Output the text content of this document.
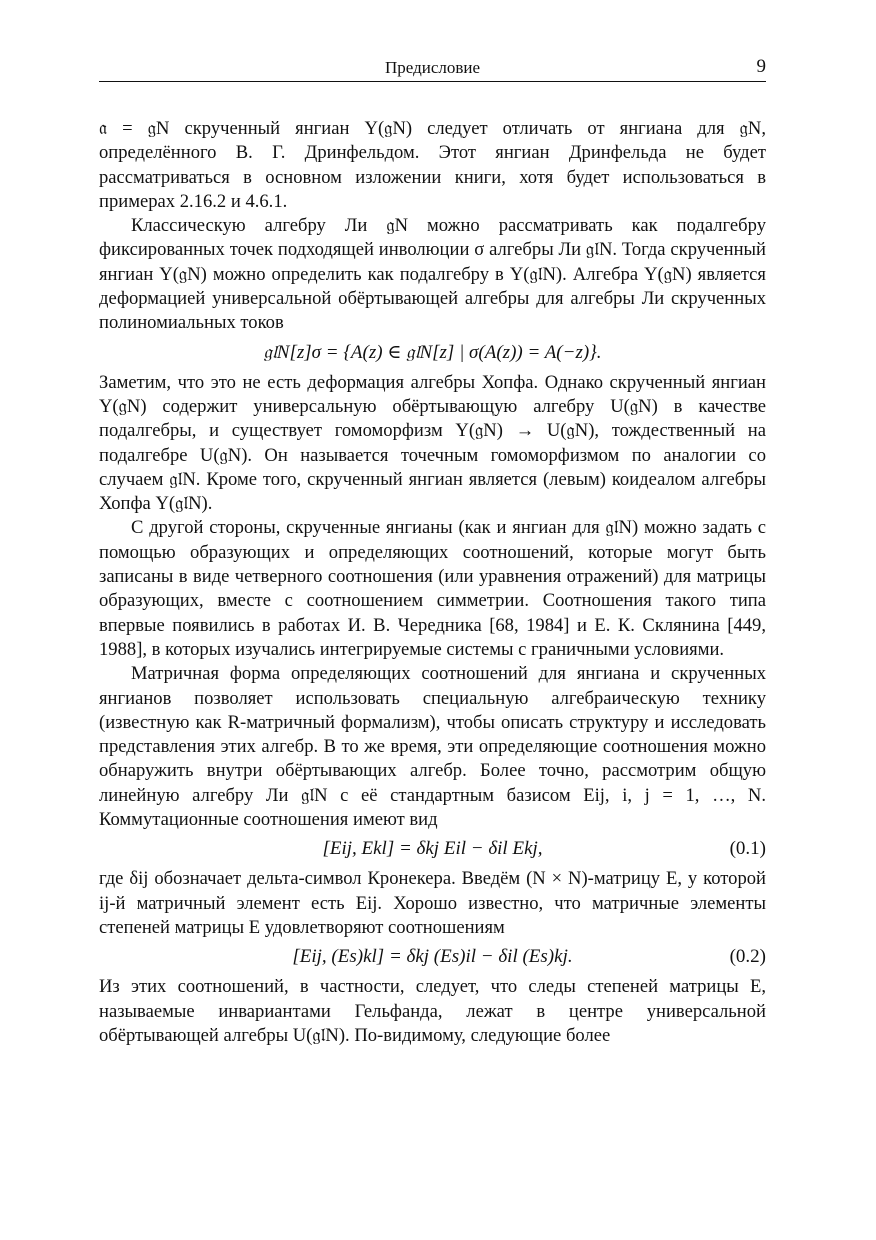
Предисловие	9

𝔞 = 𝔤N скрученный янгиан Y(𝔤N) следует отличать от янгиана для 𝔤N, определённого В. Г. Дринфельдом. Этот янгиан Дринфельда не будет рассматриваться в основном изложении книги, хотя будет использоваться в примерах 2.16.2 и 4.6.1.

Классическую алгебру Ли 𝔤N можно рассматривать как подалгебру фиксированных точек подходящей инволюции σ алгебры Ли 𝔤𝔩N. Тогда скрученный янгиан Y(𝔤N) можно определить как подалгебру в Y(𝔤𝔩N). Алгебра Y(𝔤N) является деформацией универсальной обёртывающей алгебры для алгебры Ли скрученных полиномиальных токов

𝔤𝔩N[z]σ = {A(z) ∈ 𝔤𝔩N[z] | σ(A(z)) = A(−z)}.

Заметим, что это не есть деформация алгебры Хопфа. Однако скрученный янгиан Y(𝔤N) содержит универсальную обёртывающую алгебру U(𝔤N) в качестве подалгебры, и существует гомоморфизм Y(𝔤N) → U(𝔤N), тождественный на подалгебре U(𝔤N). Он называется точечным гомоморфизмом по аналогии со случаем 𝔤𝔩N. Кроме того, скрученный янгиан является (левым) коидеалом алгебры Хопфа Y(𝔤𝔩N).

С другой стороны, скрученные янгианы (как и янгиан для 𝔤𝔩N) можно задать с помощью образующих и определяющих соотношений, которые могут быть записаны в виде четверного соотношения (или уравнения отражений) для матрицы образующих, вместе с соотношением симметрии. Соотношения такого типа впервые появились в работах И. В. Чередника [68, 1984] и Е. К. Склянина [449, 1988], в которых изучались интегрируемые системы с граничными условиями.

Матричная форма определяющих соотношений для янгиана и скрученных янгианов позволяет использовать специальную алгебраическую технику (известную как R-матричный формализм), чтобы описать структуру и исследовать представления этих алгебр. В то же время, эти определяющие соотношения можно обнаружить внутри обёртывающих алгебр. Более точно, рассмотрим общую линейную алгебру Ли 𝔤𝔩N с её стандартным базисом Eij, i, j = 1, …, N. Коммутационные соотношения имеют вид

[Eij, Ekl] = δkj Eil − δil Ekj,	(0.1)

где δij обозначает дельта-символ Кронекера. Введём (N × N)-матрицу E, у которой ij-й матричный элемент есть Eij. Хорошо известно, что матричные элементы степеней матрицы E удовлетворяют соотношениям

[Eij, (Es)kl] = δkj (Es)il − δil (Es)kj.	(0.2)

Из этих соотношений, в частности, следует, что следы степеней матрицы E, называемые инвариантами Гельфанда, лежат в центре универсальной обёртывающей алгебры U(𝔤𝔩N). По-видимому, следующие более
